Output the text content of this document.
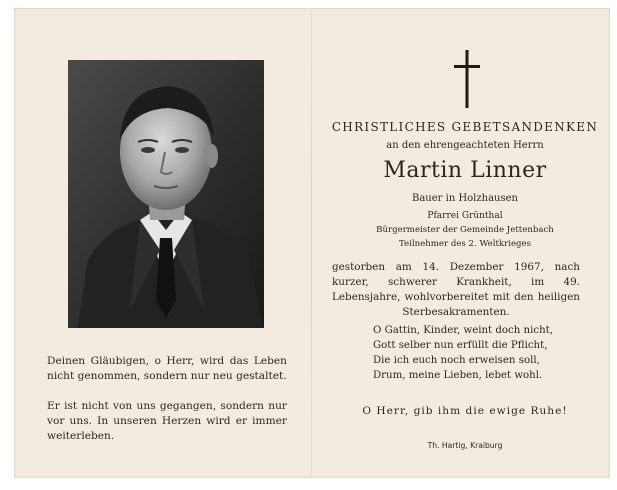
Deinen Gläubigen, o Herr, wird das Leben nicht genommen, sondern nur neu gestaltet.
Er ist nicht von uns gegangen, sondern nur vor uns. In unseren Herzen wird er immer weiterleben.
CHRISTLICHES GEBETSANDENKEN
an den ehrengeachteten Herrn
Martin Linner
Bauer in Holzhausen
Pfarrei Grünthal
Bürgermeister der Gemeinde Jettenbach
Teilnehmer des 2. Weltkrieges
gestorben am 14. Dezember 1967, nach kurzer, schwerer Krankheit, im 49. Lebensjahre, wohlvorbereitet mit den heiligen Sterbesakramenten.
O Gattin, Kinder, weint doch nicht,
Gott selber nun erfüllt die Pflicht,
Die ich euch noch erweisen soll,
Drum, meine Lieben, lebet wohl.
O Herr, gib ihm die ewige Ruhe!
Th. Hartig, Kraiburg
